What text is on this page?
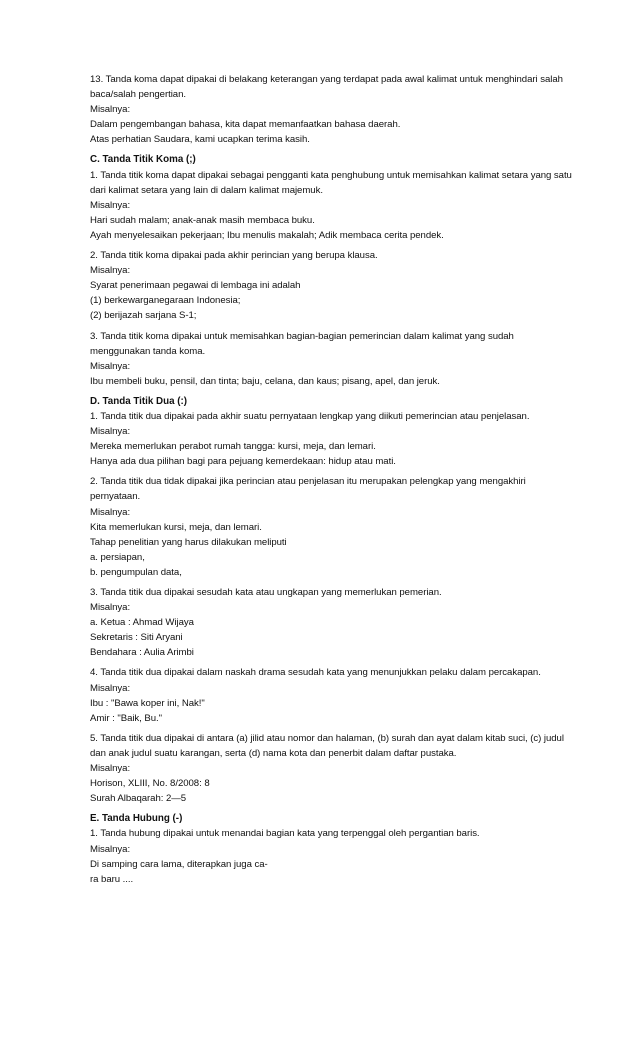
13. Tanda koma dapat dipakai di belakang keterangan yang terdapat pada awal kalimat untuk menghindari salah
baca/salah pengertian.
Misalnya:
Dalam pengembangan bahasa, kita dapat memanfaatkan bahasa daerah.
Atas perhatian Saudara, kami ucapkan terima kasih.
C. Tanda Titik Koma (;)
1. Tanda titik koma dapat dipakai sebagai pengganti kata penghubung untuk memisahkan kalimat setara yang satu
dari kalimat setara yang lain di dalam kalimat majemuk.
Misalnya:
Hari sudah malam; anak-anak masih membaca buku.
Ayah menyelesaikan pekerjaan; Ibu menulis makalah; Adik membaca cerita pendek.
2. Tanda titik koma dipakai pada akhir perincian yang berupa klausa.
Misalnya:
Syarat penerimaan pegawai di lembaga ini adalah
(1) berkewarganegaraan Indonesia;
(2) berijazah sarjana S-1;
3. Tanda titik koma dipakai untuk memisahkan bagian-bagian pemerincian dalam kalimat yang sudah
menggunakan tanda koma.
Misalnya:
Ibu membeli buku, pensil, dan tinta; baju, celana, dan kaus; pisang, apel, dan jeruk.
D. Tanda Titik Dua (:)
1. Tanda titik dua dipakai pada akhir suatu pernyataan lengkap yang diikuti pemerincian atau penjelasan.
Misalnya:
Mereka memerlukan perabot rumah tangga: kursi, meja, dan lemari.
Hanya ada dua pilihan bagi para pejuang kemerdekaan: hidup atau mati.
2. Tanda titik dua tidak dipakai jika perincian atau penjelasan itu merupakan pelengkap yang mengakhiri
pernyataan.
Misalnya:
Kita memerlukan kursi, meja, dan lemari.
Tahap penelitian yang harus dilakukan meliputi
a. persiapan,
b. pengumpulan data,
3. Tanda titik dua dipakai sesudah kata atau ungkapan yang memerlukan pemerian.
Misalnya:
a. Ketua : Ahmad Wijaya
Sekretaris : Siti Aryani
Bendahara : Aulia Arimbi
4. Tanda titik dua dipakai dalam naskah drama sesudah kata yang menunjukkan pelaku dalam percakapan.
Misalnya:
Ibu : "Bawa koper ini, Nak!"
Amir : "Baik, Bu."
5. Tanda titik dua dipakai di antara (a) jilid atau nomor dan halaman, (b) surah dan ayat dalam kitab suci, (c) judul
dan anak judul suatu karangan, serta (d) nama kota dan penerbit dalam daftar pustaka.
Misalnya:
Horison, XLIII, No. 8/2008: 8
Surah Albaqarah: 2—5
E. Tanda Hubung (-)
1. Tanda hubung dipakai untuk menandai bagian kata yang terpenggal oleh pergantian baris.
Misalnya:
Di samping cara lama, diterapkan juga ca-
ra baru ....
